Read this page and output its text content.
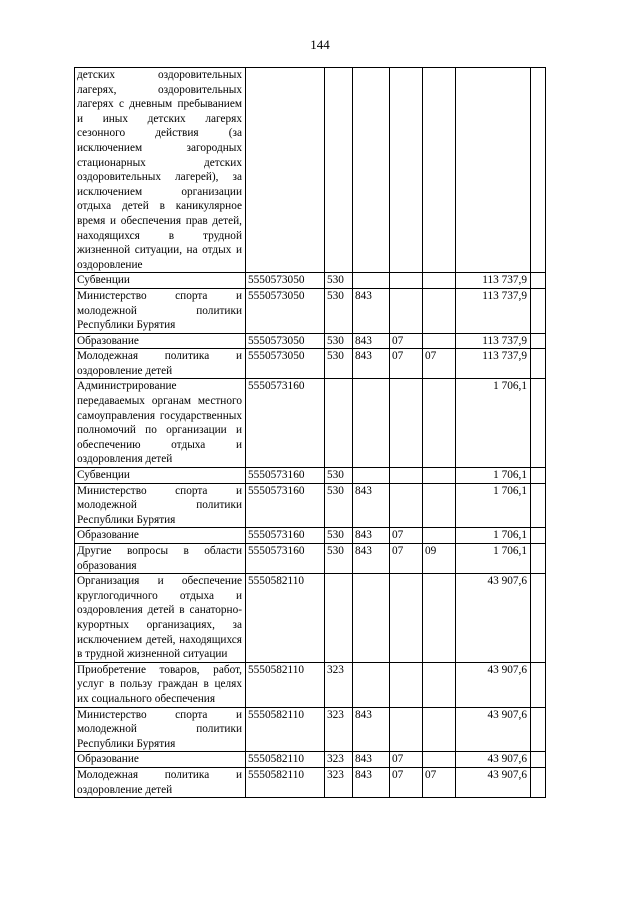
144
детских оздоровительных лагерях, оздоровительных лагерях с дневным пребыванием и иных детских лагерях сезонного действия (за исключением загородных стационарных детских оздоровительных лагерей), за исключением организации отдыха детей в каникулярное время и обеспечения прав детей, находящихся в трудной жизненной ситуации, на отдых и оздоровление							
Субвенции	5550573050	530				113 737,9	
Министерство спорта и молодежной политики Республики Бурятия	5550573050	530	843			113 737,9	
Образование	5550573050	530	843	07		113 737,9	
Молодежная политика и оздоровление детей	5550573050	530	843	07	07	113 737,9	
Администрирование передаваемых органам местного самоуправления государственных полномочий по организации и обеспечению отдыха и оздоровления детей	5550573160					1 706,1	
Субвенции	5550573160	530				1 706,1	
Министерство спорта и молодежной политики Республики Бурятия	5550573160	530	843			1 706,1	
Образование	5550573160	530	843	07		1 706,1	
Другие вопросы в области образования	5550573160	530	843	07	09	1 706,1	
Организация и обеспечение круглогодичного отдыха и оздоровления детей в санаторно-курортных организациях, за исключением детей, находящихся в трудной жизненной ситуации	5550582110					43 907,6	
Приобретение товаров, работ, услуг в пользу граждан в целях их социального обеспечения	5550582110	323				43 907,6	
Министерство спорта и молодежной политики Республики Бурятия	5550582110	323	843			43 907,6	
Образование	5550582110	323	843	07		43 907,6	
Молодежная политика и оздоровление детей	5550582110	323	843	07	07	43 907,6	
